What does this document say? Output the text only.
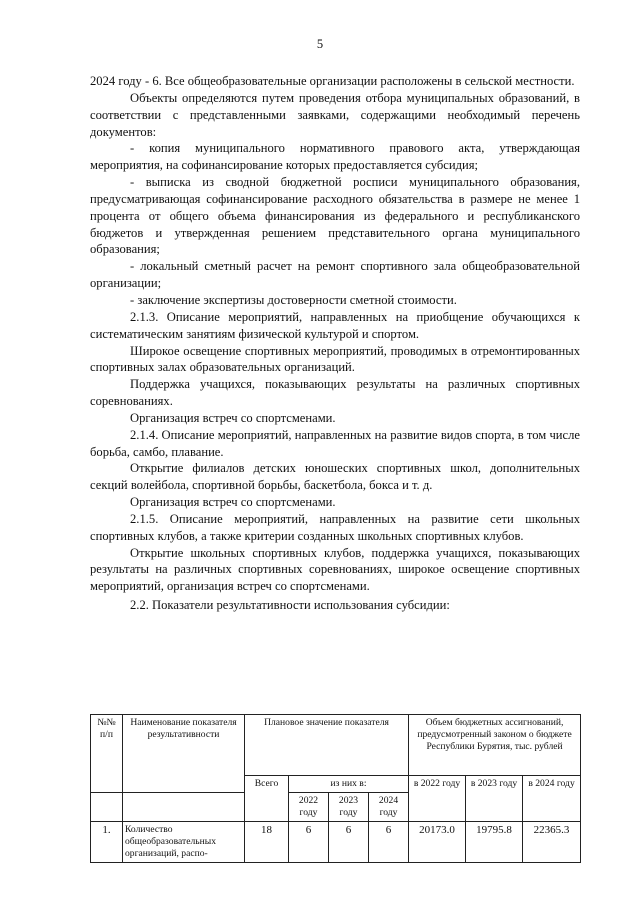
5

2024 году - 6. Все общеобразовательные организации расположены в сельской местности.

Объекты определяются путем проведения отбора муниципальных образований, в соответствии с представленными заявками, содержащими необходимый перечень документов:

- копия муниципального нормативного правового акта, утверждающая мероприятия, на софинансирование которых предоставляется субсидия;

- выписка из сводной бюджетной росписи муниципального образования, предусматривающая софинансирование расходного обязательства в размере не менее 1 процента от общего объема финансирования из федерального и республиканского бюджетов и утвержденная решением представительного органа муниципального образования;

- локальный сметный расчет на ремонт спортивного зала общеобразовательной организации;

- заключение экспертизы достоверности сметной стоимости.

2.1.3. Описание мероприятий, направленных на приобщение обучающихся к систематическим занятиям физической культурой и спортом.

Широкое освещение спортивных мероприятий, проводимых в отремонтированных спортивных залах образовательных организаций.

Поддержка учащихся, показывающих результаты на различных спортивных соревнованиях.

Организация встреч со спортсменами.

2.1.4. Описание мероприятий, направленных на развитие видов спорта, в том числе борьба, самбо, плавание.

Открытие филиалов детских юношеских спортивных школ, дополнительных секций волейбола, спортивной борьбы, баскетбола, бокса и т. д.

Организация встреч со спортсменами.

2.1.5. Описание мероприятий, направленных на развитие сети школьных спортивных клубов, а также критерии созданных школьных спортивных клубов.

Открытие школьных спортивных клубов, поддержка учащихся, показывающих результаты на различных спортивных соревнованиях, широкое освещение спортивных мероприятий, организация встреч со спортсменами.

2.2. Показатели результативности использования субсидии:

№№ п/п	Наименование показателя результативности	Плановое значение показателя				Объем бюджетных ассигнований, предусмотренный законом о бюджете Республики Бурятия, тыс. рублей		
		Всего	из них в:			в 2022 году	в 2023 году	в 2024 году
			2022 году	2023 году	2024 году			
1.	Количество общеобразовательных организаций, распо-	18	6	6	6	20173.0	19795.8	22365.3
